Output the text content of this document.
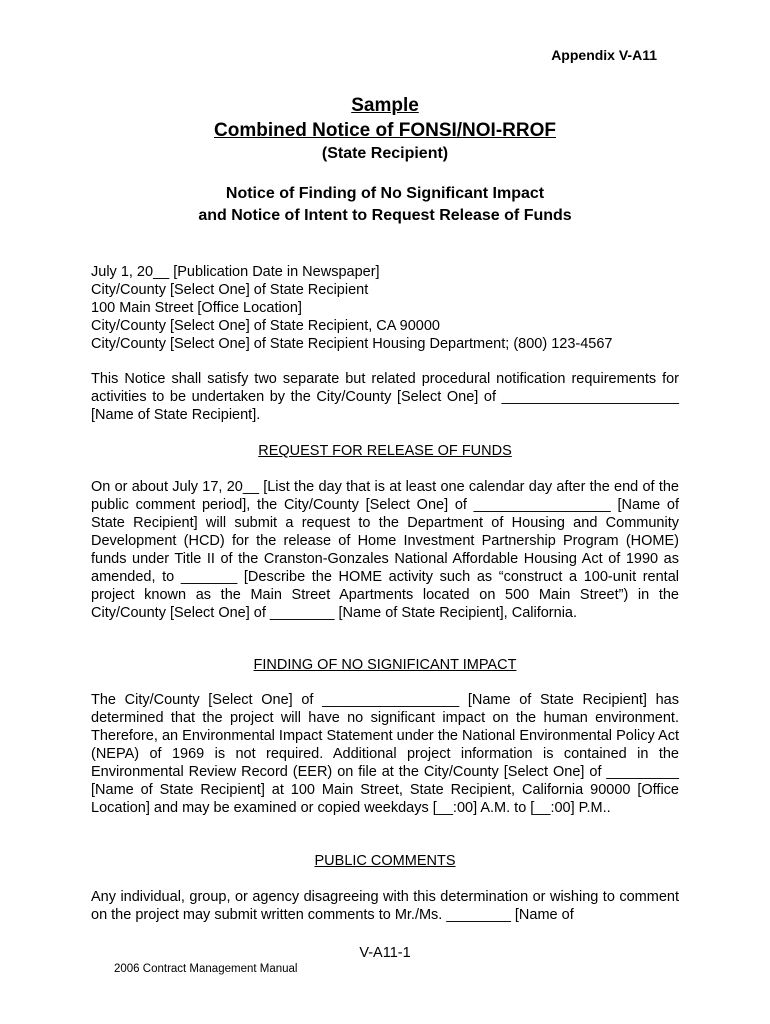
Appendix V-A11
Sample
Combined Notice of FONSI/NOI-RROF
(State Recipient)
Notice of Finding of No Significant Impact
and Notice of Intent to Request Release of Funds
July 1, 20__ [Publication Date in Newspaper]
City/County [Select One] of State Recipient
100 Main Street [Office Location]
City/County [Select One] of State Recipient, CA 90000
City/County [Select One] of State Recipient Housing Department; (800) 123-4567
This Notice shall satisfy two separate but related procedural notification requirements for activities to be undertaken by the City/County [Select One] of ______________________ [Name of State Recipient].
REQUEST FOR RELEASE OF FUNDS
On or about July 17, 20__ [List the day that is at least one calendar day after the end of the public comment period], the City/County [Select One] of _________________ [Name of State Recipient] will submit a request to the Department of Housing and Community Development (HCD) for the release of Home Investment Partnership Program (HOME) funds under Title II of the Cranston-Gonzales National Affordable Housing Act of 1990 as amended, to _______ [Describe the HOME activity such as “construct a 100-unit rental project known as the Main Street Apartments located on 500 Main Street”) in the City/County [Select One] of ________ [Name of State Recipient], California.
FINDING OF NO SIGNIFICANT IMPACT
The City/County [Select One] of _________________ [Name of State Recipient] has determined that the project will have no significant impact on the human environment. Therefore, an Environmental Impact Statement under the National Environmental Policy Act (NEPA) of 1969 is not required. Additional project information is contained in the Environmental Review Record (EER) on file at the City/County [Select One] of _________ [Name of State Recipient] at 100 Main Street, State Recipient, California 90000 [Office Location] and may be examined or copied weekdays [__:00] A.M. to [__:00] P.M..
PUBLIC COMMENTS
Any individual, group, or agency disagreeing with this determination or wishing to comment on the project may submit written comments to Mr./Ms. ________ [Name of
V-A11-1
2006 Contract Management Manual
